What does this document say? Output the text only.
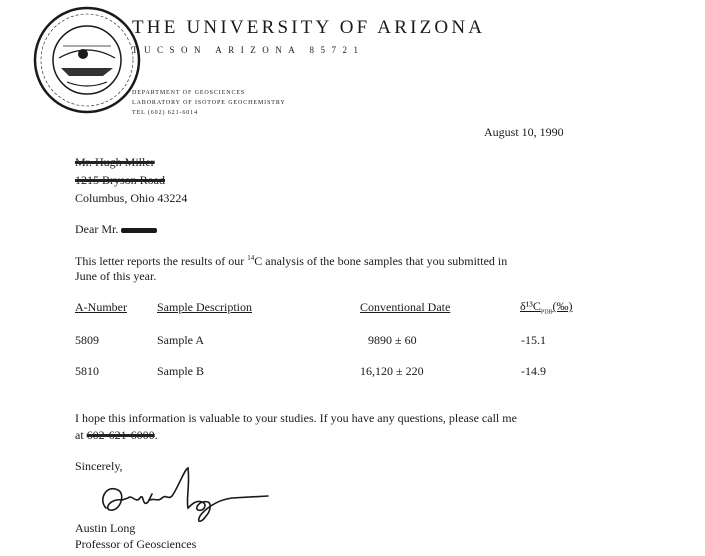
THE UNIVERSITY OF ARIZONA
TUCSON ARIZONA 85721
DEPARTMENT OF GEOSCIENCES
LABORATORY OF ISOTOPE GEOCHEMISTRY
TEL (602) 621-6014
August 10, 1990
Mr. Hugh Miller
1215 Bryson Road
Columbus, Ohio 43224
Dear Mr.
This letter reports the results of our $^{14}$C analysis of the bone samples that you submitted in
June of this year.
A-Number	Sample Description	Conventional Date	$\delta^{13}C_{PDB}(‰)$
5809	Sample A	9890 ± 60	-15.1
5810	Sample B	16,120 ± 220	-14.9
I hope this information is valuable to your studies. If you have any questions, please call me
at 602-621-6000.
Sincerely,
Austin Long
Professor of Geosciences
